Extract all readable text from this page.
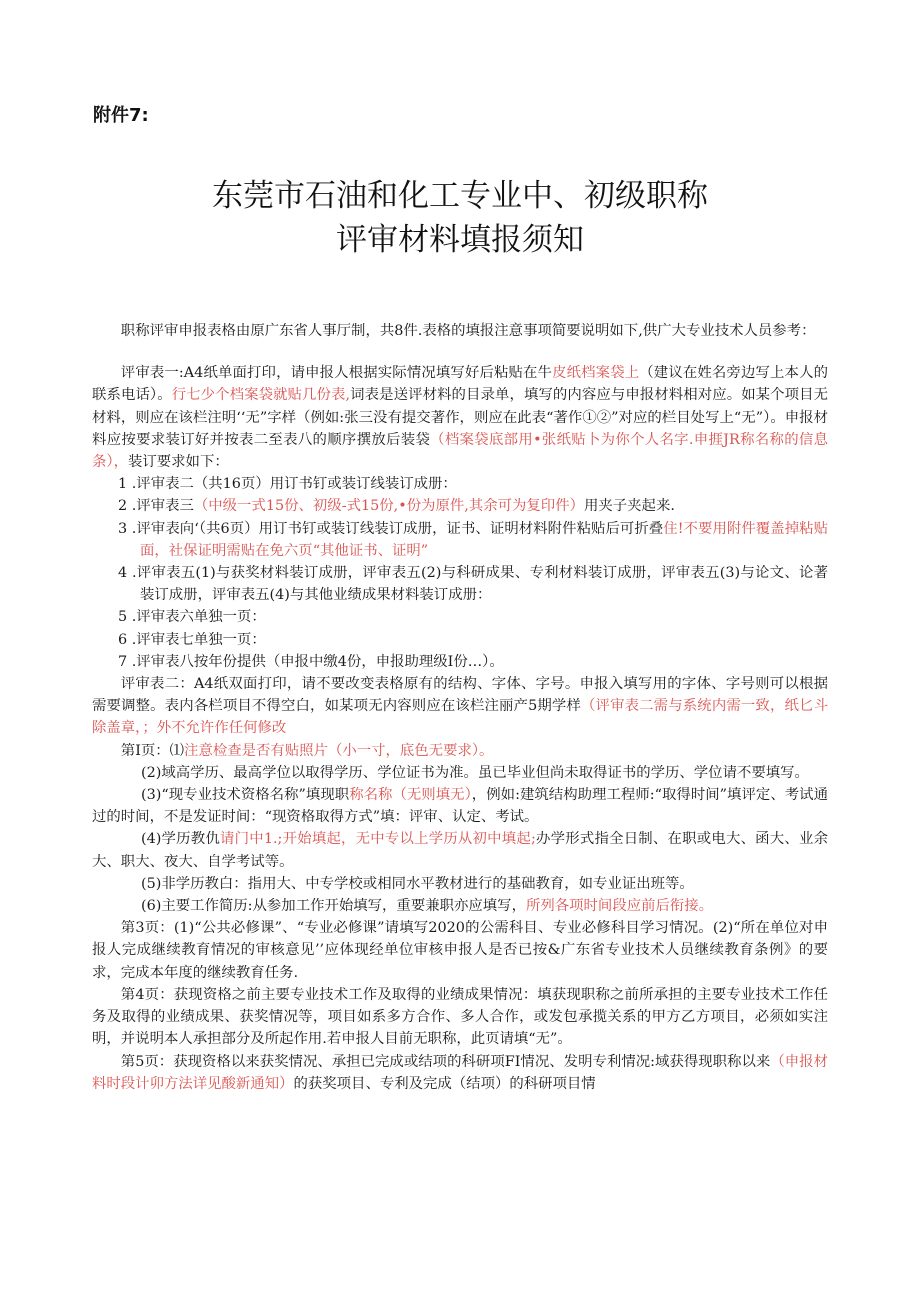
附件7:
东莞市石油和化工专业中、初级职称
评审材料填报须知

职称评审申报表格由原广东省人事厅制，共8件.表格的填报注意事项简要说明如下,供广大专业技术人员参考：

评审表一:A4纸单面打印，请申报人根据实际情况填写好后粘贴在牛皮纸档案袋上（建议在姓名旁边写上本人的联系电话）。行七少个档案袋就贴几份表,词表是送评材料的目录单，填写的内容应与申报材料相对应。如某个项目无材料，则应在该栏注明‘‘无”字样（例如:张三没有提交著作，则应在此表“著作①②”对应的栏目处写上“无”）。申报材料应按要求装订好并按表二至表八的顺序撰放后装袋（档案袋底部用•张纸贴卜为你个人名字.申捱JR称名称的信息条），装订要求如下：

1 .评审表二（共16页）用订书钉或装订线装订成册：

2 .评审表三（中级一式15份、初级-式15份,•份为原件,其余可为复印件）用夹子夹起来.

3 .评审表向‘（共6页）用订书钉或装订线装订成册，证书、证明材料附件粘贴后可折叠住!不要用附件覆盖掉粘贴面，社保证明需贴在免六页“其他证书、证明”

4 .评审表五(1)与获奖材料装订成册，评审表五(2)与科研成果、专利材料装订成册，评审表五(3)与论文、论著装订成册，评审表五(4)与其他业绩成果材料装订成册：

5 .评审表六单独一页：

6 .评审表七单独一页：

7 .评审表八按年份提供（申报中缴4份，申报助理级I份…）。

评审表二：A4纸双面打印，请不要改变表格原有的结构、字体、字号。申报入填写用的字体、字号则可以根据需要调整。表内各栏项目不得空白，如某项无内容则应在该栏注丽产5期学样（评审表二需与系统内需一致，纸匕斗除盖章，；外不允许作任何修改

第I页：⑴注意检查是否有贴照片（小一寸，底色无要求）。

(2)域高学历、最高学位以取得学历、学位证书为准。虽已毕业但尚未取得证书的学历、学位请不要填写。

(3)“现专业技术资格名称”填现职称名称（无则填无），例如:建筑结构助理工程师:“取得时间”填评定、考试通过的时间，不是发证时间：“现资格取得方式”填：评审、认定、考试。

(4)学历教仇请门中1.;开始填起，无中专以上学历从初中填起;办学形式指全日制、在职或电大、函大、业余大、职大、夜大、自学考试等。

(5)非学历教白：指用大、中专学校或相同水平教材进行的基础教育，如专业证出班等。

(6)主要工作简历:从参加工作开始填写，重要兼职亦应填写，所列各项时间段应前后衔接。

第3页：(1)“公共必修课”、“专业必修课”请填写2020的公需科目、专业必修科目学习情况。(2)“所在单位对申报人完成继续教育情况的审核意见’’应体现经单位审核申报人是否已按&广东省专业技术人员继续教育条例》的要求，完成本年度的继续教育任务.

第4页：获现资格之前主要专业技术工作及取得的业绩成果情况：填获现职称之前所承担的主要专业技术工作任务及取得的业绩成果、获奖情况等，项目如系多方合作、多人合作，或发包承揽关系的甲方乙方项目，必须如实注明，并说明本人承担部分及所起作用.若申报人目前无职称，此页请填“无”。

第5页：获现资格以来获奖情况、承担已完成或结项的科研项FI情况、发明专利情况:域获得现职称以来（申报材料时段计卯方法详见酸新通知）的获奖项目、专利及完成（结项）的科研项目情
